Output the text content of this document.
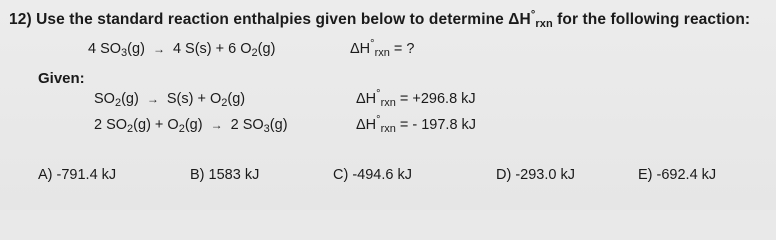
12) Use the standard reaction enthalpies given below to determine $\Delta H^\circ_{rxn}$ for the following reaction:
4 $SO_3(g) \to 4$ S(s) + 6 $O_2(g)$	$\Delta H^\circ_{rxn}$ = ?
Given:
$SO_2(g) \to S(s) + O_2(g)$	$\Delta H^\circ_{rxn} = +296.8$ kJ
2 $SO_2(g) + O_2(g) \to 2$ $SO_3(g)$	$\Delta H^\circ_{rxn}$ = - 197.8 kJ
A) -791.4 kJ	B) 1583 kJ	C) -494.6 kJ	D) -293.0 kJ	E) -692.4 kJ
